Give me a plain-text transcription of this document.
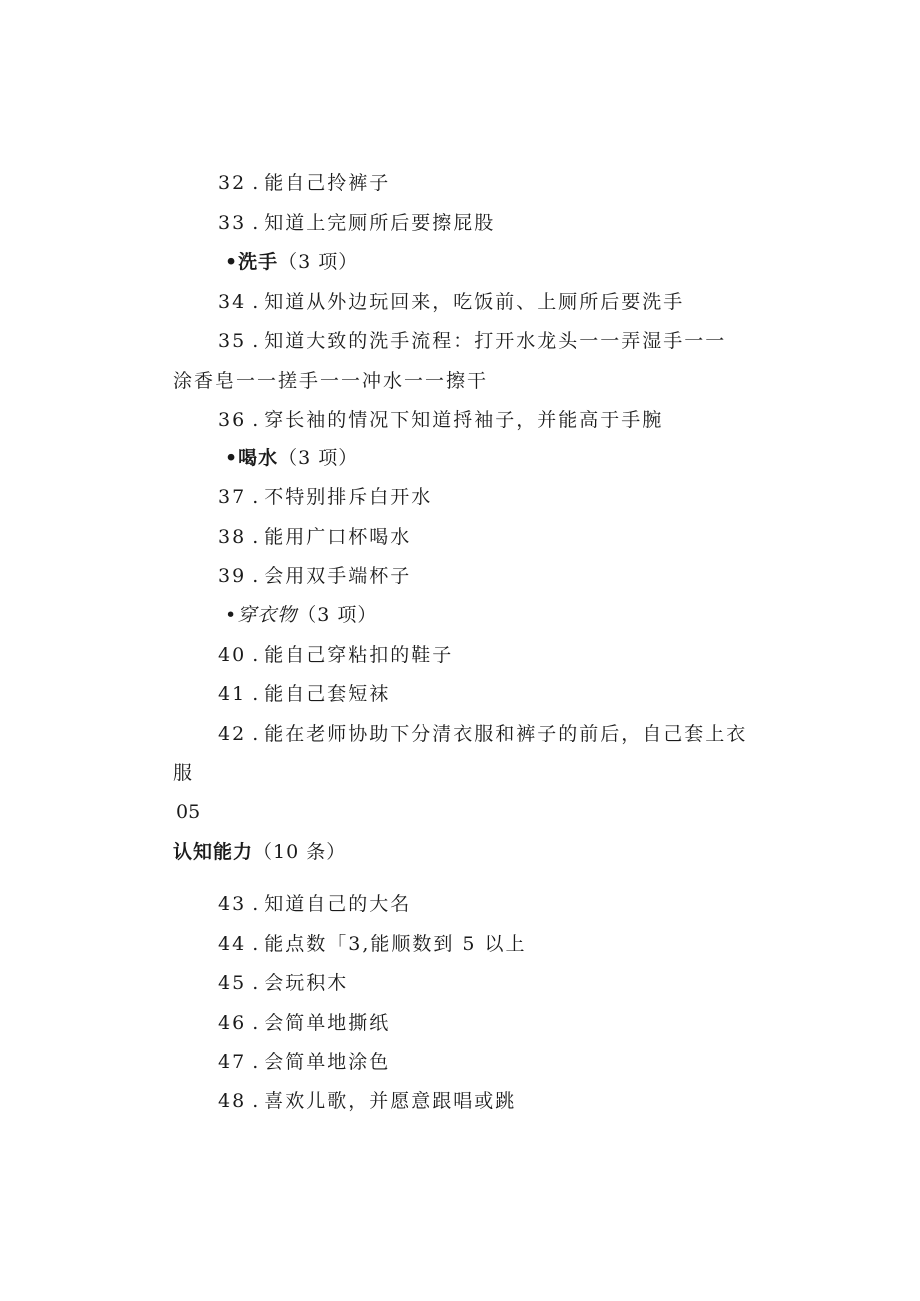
32 . 能自己拎裤子
33 . 知道上完厕所后要擦屁股
•洗手（3 项）
34 . 知道从外边玩回来，吃饭前、上厕所后要洗手
35 . 知道大致的洗手流程：打开水龙头一一弄湿手一一
涂香皂一一搓手一一冲水一一擦干
36 . 穿长袖的情况下知道捋袖子，并能高于手腕
•喝水（3 项）
37 . 不特别排斥白开水
38 . 能用广口杯喝水
39 . 会用双手端杯子
•穿衣物（3 项）
40 . 能自己穿粘扣的鞋子
41 . 能自己套短袜
42 . 能在老师协助下分清衣服和裤子的前后，自己套上衣
服
05
认知能力（10 条）
43 . 知道自己的大名
44 . 能点数「3,能顺数到 5 以上
45 . 会玩积木
46 . 会简单地撕纸
47 . 会简单地涂色
48 . 喜欢儿歌，并愿意跟唱或跳
